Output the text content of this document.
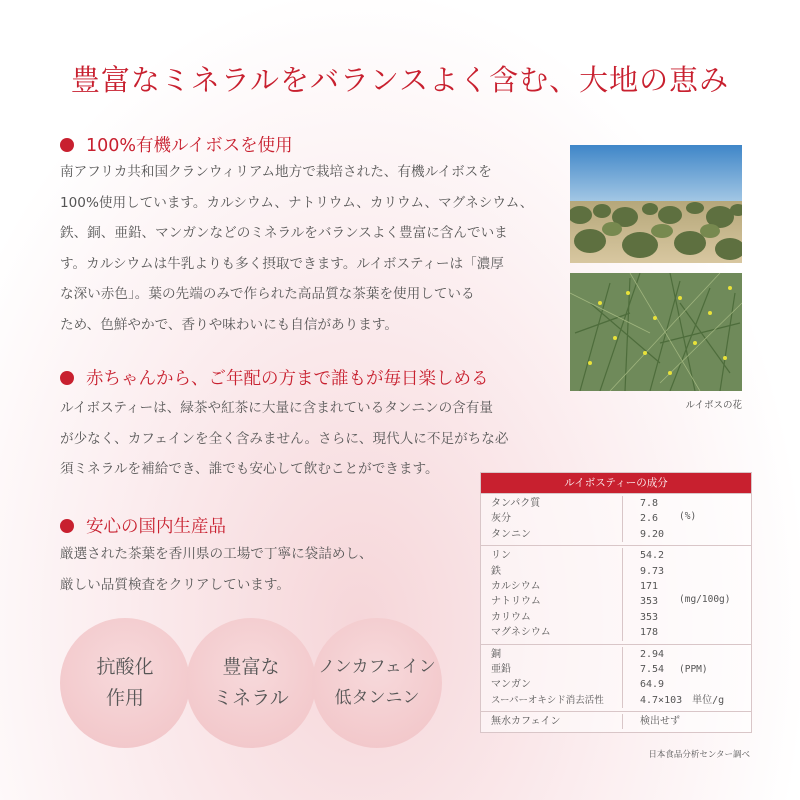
豊富なミネラルをバランスよく含む、大地の恵み
100%有機ルイボスを使用
南アフリカ共和国クランウィリアム地方で栽培された、有機ルイボスを
100%使用しています。カルシウム、ナトリウム、カリウム、マグネシウム、
鉄、銅、亜鉛、マンガンなどのミネラルをバランスよく豊富に含んでいま
す。カルシウムは牛乳よりも多く摂取できます。ルイボスティーは「濃厚
な深い赤色」。葉の先端のみで作られた高品質な茶葉を使用している
ため、色鮮やかで、香りや味わいにも自信があります。
赤ちゃんから、ご年配の方まで誰もが毎日楽しめる
ルイボスティーは、緑茶や紅茶に大量に含まれているタンニンの含有量
が少なく、カフェインを全く含みません。さらに、現代人に不足がちな必
須ミネラルを補給でき、誰でも安心して飲むことができます。
安心の国内生産品
厳選された茶葉を香川県の工場で丁寧に袋詰めし、
厳しい品質検査をクリアしています。
ルイボスの花
ルイボスティーの成分
(%)
タンパク質	7.8
灰分	2.6
タンニン	9.20
(mg/100g)
リン	54.2
鉄	9.73
カルシウム	171
ナトリウム	353
カリウム	353
マグネシウム	178
(PPM)
銅	2.94
亜鉛	7.54
マンガン	64.9
スーパーオキシド消去活性	4.7×103　単位/g
無水カフェイン	検出せず
日本食品分析センター調べ
抗酸化
作用
豊富な
ミネラル
ノンカフェイン
低タンニン
